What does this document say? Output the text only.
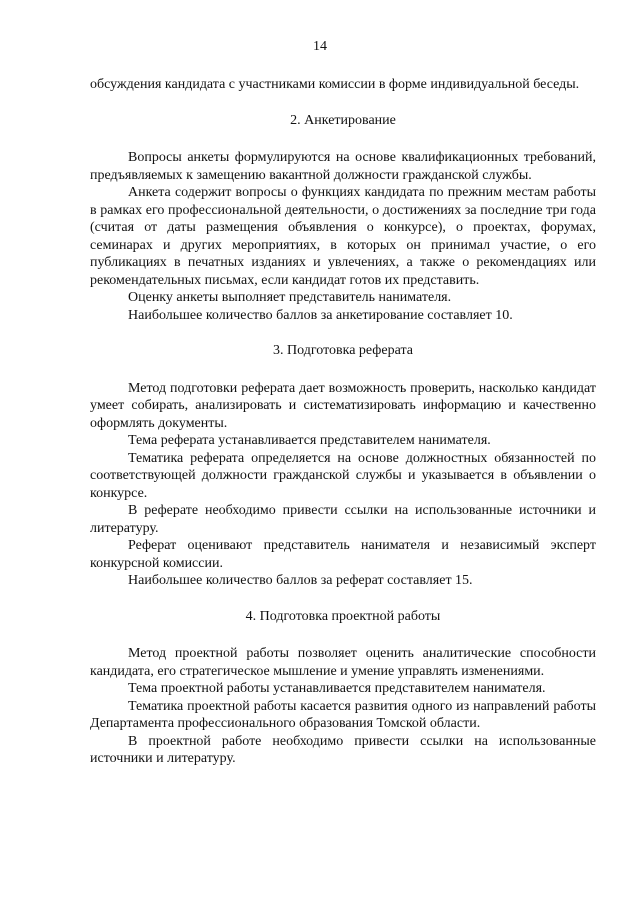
14

обсуждения кандидата с участниками комиссии в форме индивидуальной беседы.

2. Анкетирование

Вопросы анкеты формулируются на основе квалификационных требований, предъявляемых к замещению вакантной должности гражданской службы.

Анкета содержит вопросы о функциях кандидата по прежним местам работы в рамках его профессиональной деятельности, о достижениях за последние три года (считая от даты размещения объявления о конкурсе), о проектах, форумах, семинарах и других мероприятиях, в которых он принимал участие, о его публикациях в печатных изданиях и увлечениях, а также о рекомендациях или рекомендательных письмах, если кандидат готов их представить.

Оценку анкеты выполняет представитель нанимателя.

Наибольшее количество баллов за анкетирование составляет 10.

3. Подготовка реферата

Метод подготовки реферата дает возможность проверить, насколько кандидат умеет собирать, анализировать и систематизировать информацию и качественно оформлять документы.

Тема реферата устанавливается представителем нанимателя.

Тематика реферата определяется на основе должностных обязанностей по соответствующей должности гражданской службы и указывается в объявлении о конкурсе.

В реферате необходимо привести ссылки на использованные источники и литературу.

Реферат оценивают представитель нанимателя и независимый эксперт конкурсной комиссии.

Наибольшее количество баллов за реферат составляет 15.

4. Подготовка проектной работы

Метод проектной работы позволяет оценить аналитические способности кандидата, его стратегическое мышление и умение управлять изменениями.

Тема проектной работы устанавливается представителем нанимателя.

Тематика проектной работы касается развития одного из направлений работы Департамента профессионального образования Томской области.

В проектной работе необходимо привести ссылки на использованные источники и литературу.
